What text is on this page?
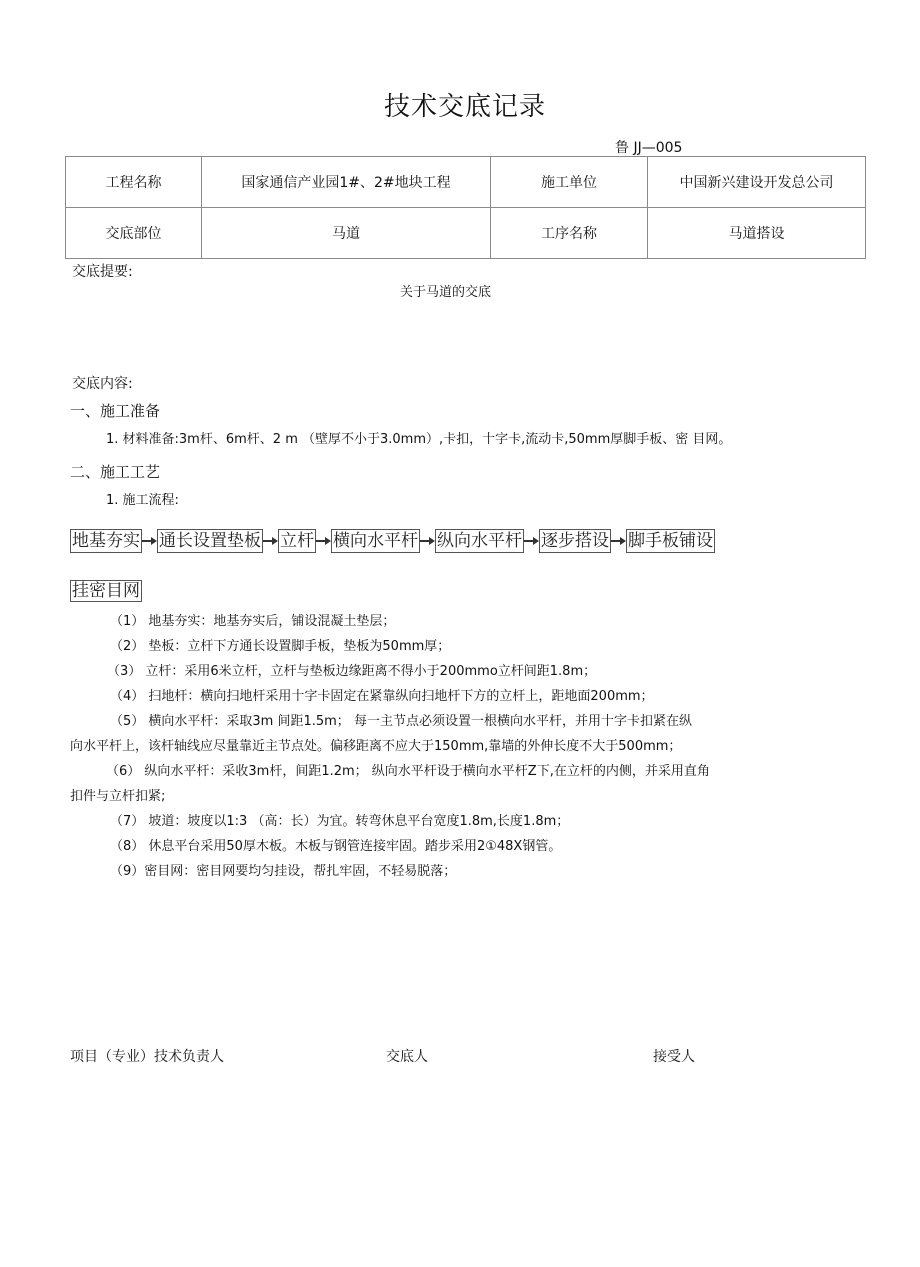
技术交底记录
鲁 JJ—005
工程名称	国家通信产业园1#、2#地块工程	施工单位	中国新兴建设开发总公司
交底部位	马道	工序名称	马道搭设
交底提要:
关于马道的交底
交底内容:
一、施工准备
1. 材料准备:3m杆、6m杆、2 m （壁厚不小于3.0mm）,卡扣，十字卡,流动卡,50mm厚脚手板、密 目网。
二、施工工艺
1. 施工流程:
地基夯实 通长设置垫板 立杆 横向水平杆 纵向水平杆 逐步搭设 脚手板铺设
挂密目网
（1） 地基夯实：地基夯实后，铺设混凝土垫层；
（2） 垫板：立杆下方通长设置脚手板，垫板为50mm厚；
（3） 立杆：采用6米立杆，立杆与垫板边缘距离不得小于200mmo立杆间距1.8m；
（4） 扫地杆：横向扫地杆采用十字卡固定在紧靠纵向扫地杆下方的立杆上，距地面200mm；
（5） 横向水平杆：采取3m 间距1.5m； 每一主节点必须设置一根横向水平杆，并用十字卡扣紧在纵
向水平杆上，该杆轴线应尽量靠近主节点处。偏移距离不应大于150mm,靠墙的外伸长度不大于500mm；
（6） 纵向水平杆：采收3m杆，间距1.2m； 纵向水平杆设于横向水平杆Z下,在立杆的内侧，并采用直角
扣件与立杆扣紧;
（7） 坡道：坡度以1:3 （高：长）为宜。转弯休息平台宽度1.8m,长度1.8m；
（8） 休息平台采用50厚木板。木板与钢管连接牢固。踏步采用2①48X钢管。
（9）密目网：密目网要均匀挂设，帮扎牢固，不轻易脱落；
项目（专业）技术负责人	交底人	接受人
